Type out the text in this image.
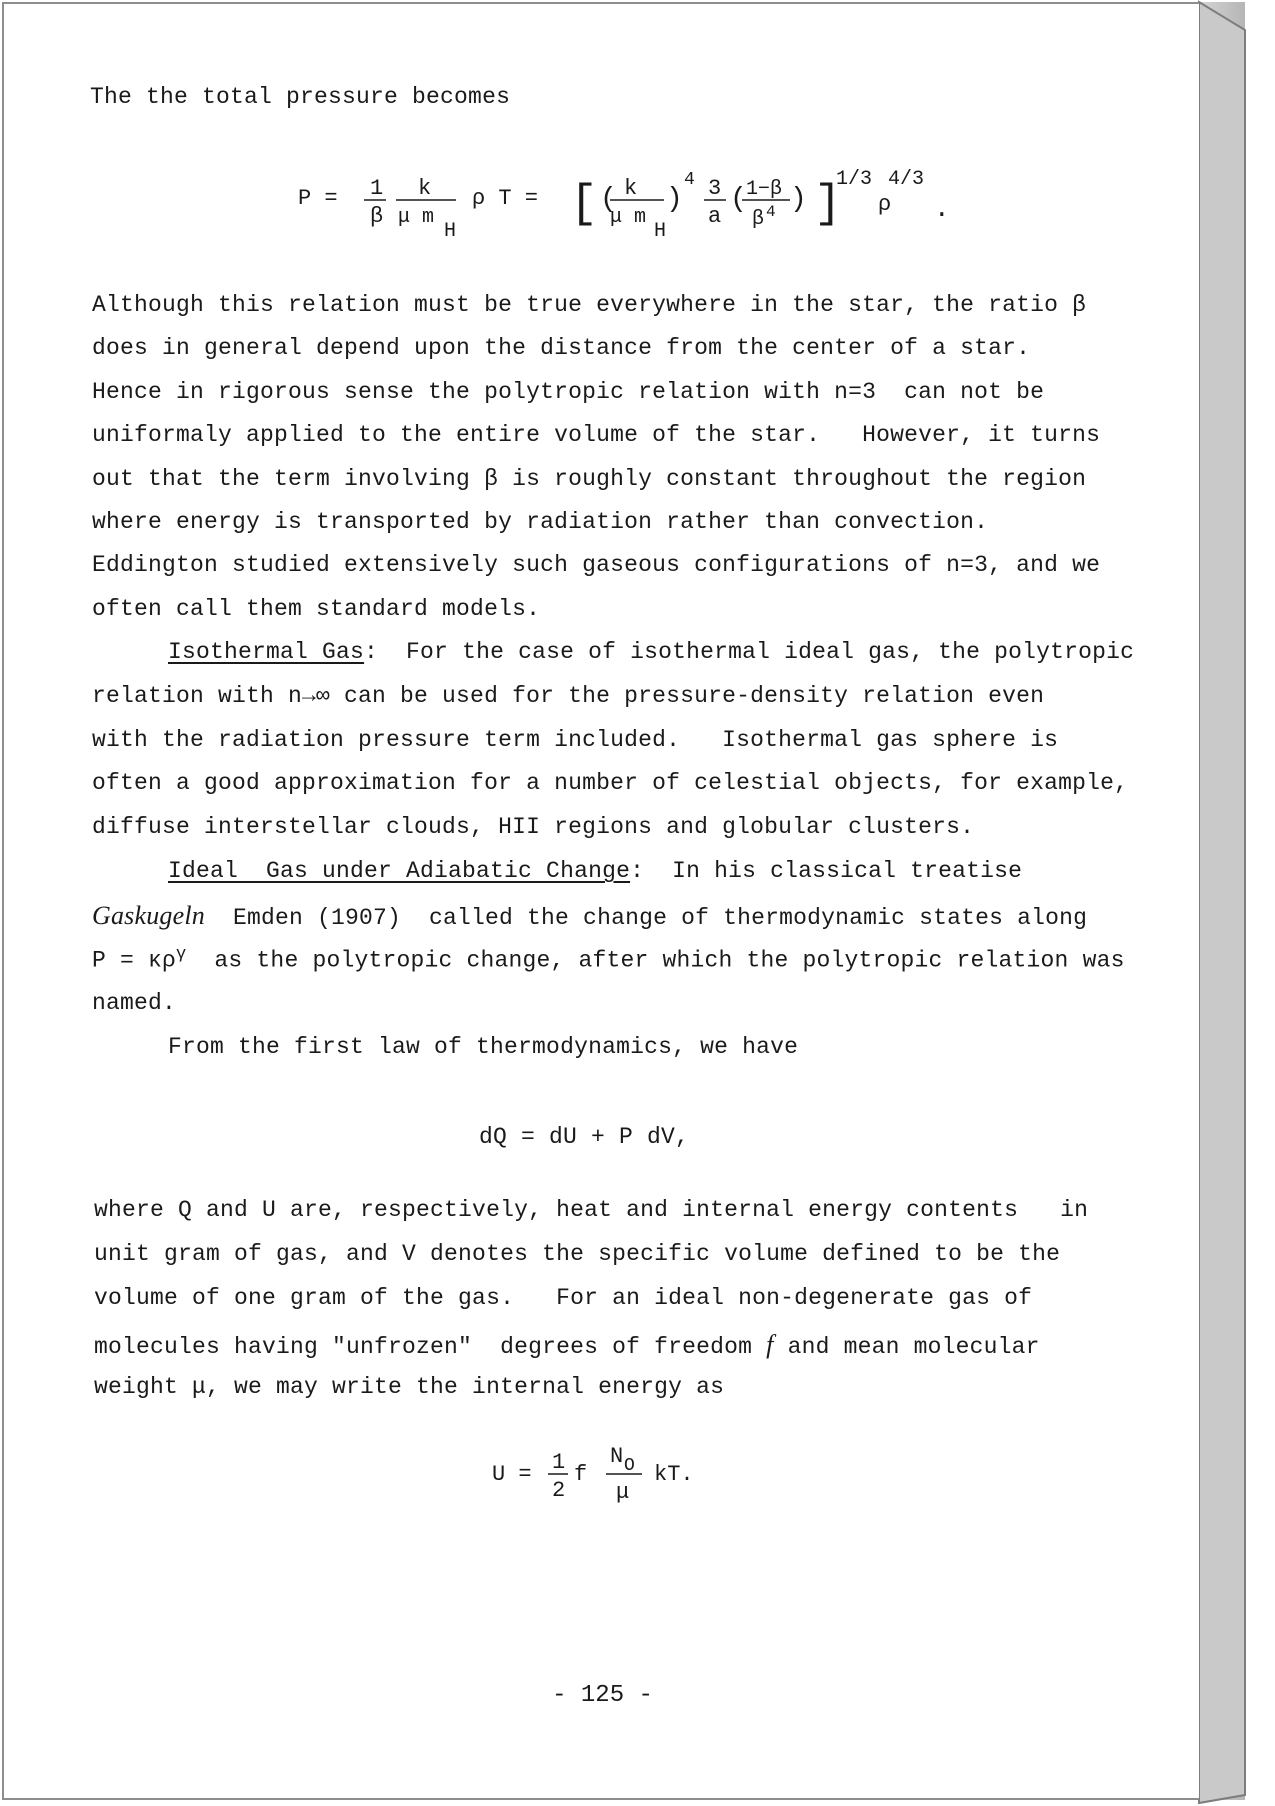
The the total pressure becomes
P = 1
β
k
μ m
H
ρ T = [ ( k
μ m
H
)
4 3
a
( 1−β
β 4 ) ]
1/3
ρ
4/3
.
Although this relation must be true everywhere in the star, the ratio β
does in general depend upon the distance from the center of a star.
Hence in rigorous sense the polytropic relation with n=3  can not be
uniformaly applied to the entire volume of the star.   However, it turns
out that the term involving β is roughly constant throughout the region
where energy is transported by radiation rather than convection.
Eddington studied extensively such gaseous configurations of n=3, and we
often call them standard models.
Isothermal Gas:  For the case of isothermal ideal gas, the polytropic
relation with n→∞ can be used for the pressure-density relation even
with the radiation pressure term included.   Isothermal gas sphere is
often a good approximation for a number of celestial objects, for example,
diffuse interstellar clouds, HII regions and globular clusters.
Ideal  Gas under Adiabatic Change:  In his classical treatise
Gaskugeln  Emden (1907)  called the change of thermodynamic states along
$P = \kappa\rho^\gamma$  as the polytropic change, after which the polytropic relation was
named.
From the first law of thermodynamics, we have
dQ = dU + P dV,
where Q and U are, respectively, heat and internal energy contents   in
unit gram of gas, and V denotes the specific volume defined to be the
volume of one gram of the gas.   For an ideal non-degenerate gas of
molecules having "unfrozen"  degrees of freedom f and mean molecular
weight μ, we may write the internal energy as
U = 1
2
f
N O
μ
kT.
- 125 -
